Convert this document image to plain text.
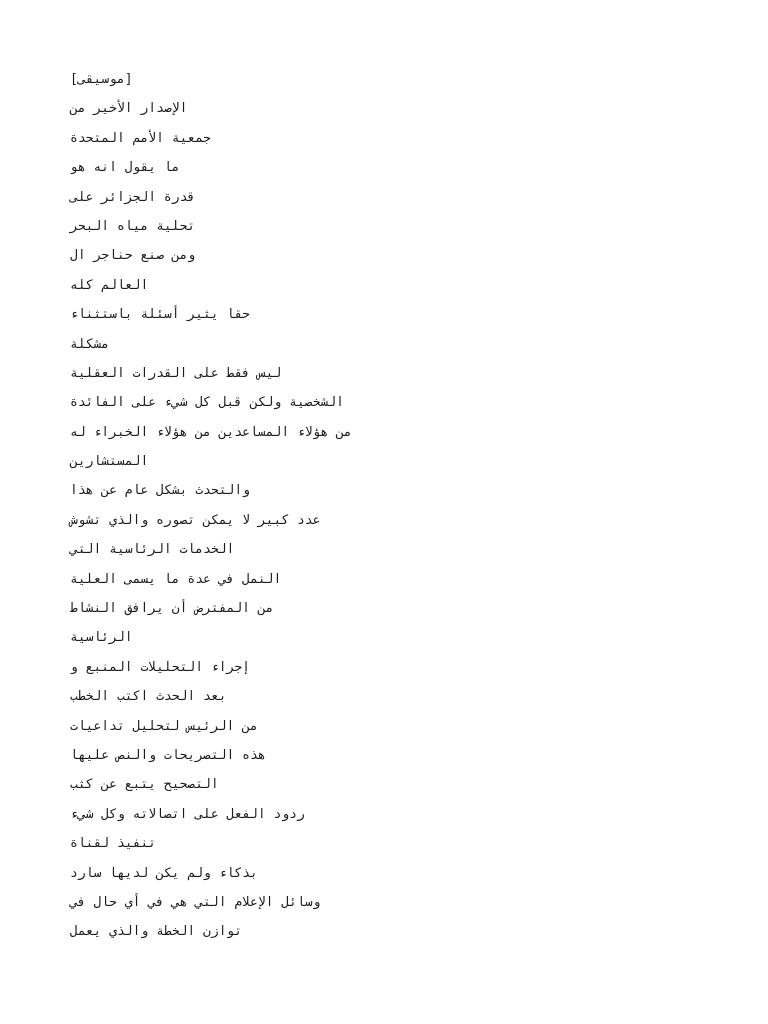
[موسيقى]
الإصدار الأخير من
جمعية الأمم المتحدة
ما يقول انه هو
قدرة الجزائر على
تحلية مياه البحر
ومن صنع حناجر ال
العالم كله
حقا يثير أسئلة باستثناء
مشكلة
ليس فقط على القدرات العقلية
الشخصية ولكن قبل كل شيء على الفائدة
من هؤلاء المساعدين من هؤلاء الخبراء له
المستشارين
والتحدث بشكل عام عن هذا
عدد كبير لا يمكن تصوره والذي تشوش
الخدمات الرئاسية التي
النمل في عدة ما يسمى العلية
من المفترض أن يرافق النشاط
الرئاسية
إجراء التحليلات المنبع و
بعد الحدث اكتب الخطب
من الرئيس لتحليل تداعيات
هذه التصريحات والنص عليها
التصحيح يتبع عن كثب
ردود الفعل على اتصالاته وكل شيء
تنفيذ لقناة
بذكاء ولم يكن لديها سارد
وسائل الإعلام التي هي في أي حال في
توازن الخطة والذي يعمل
